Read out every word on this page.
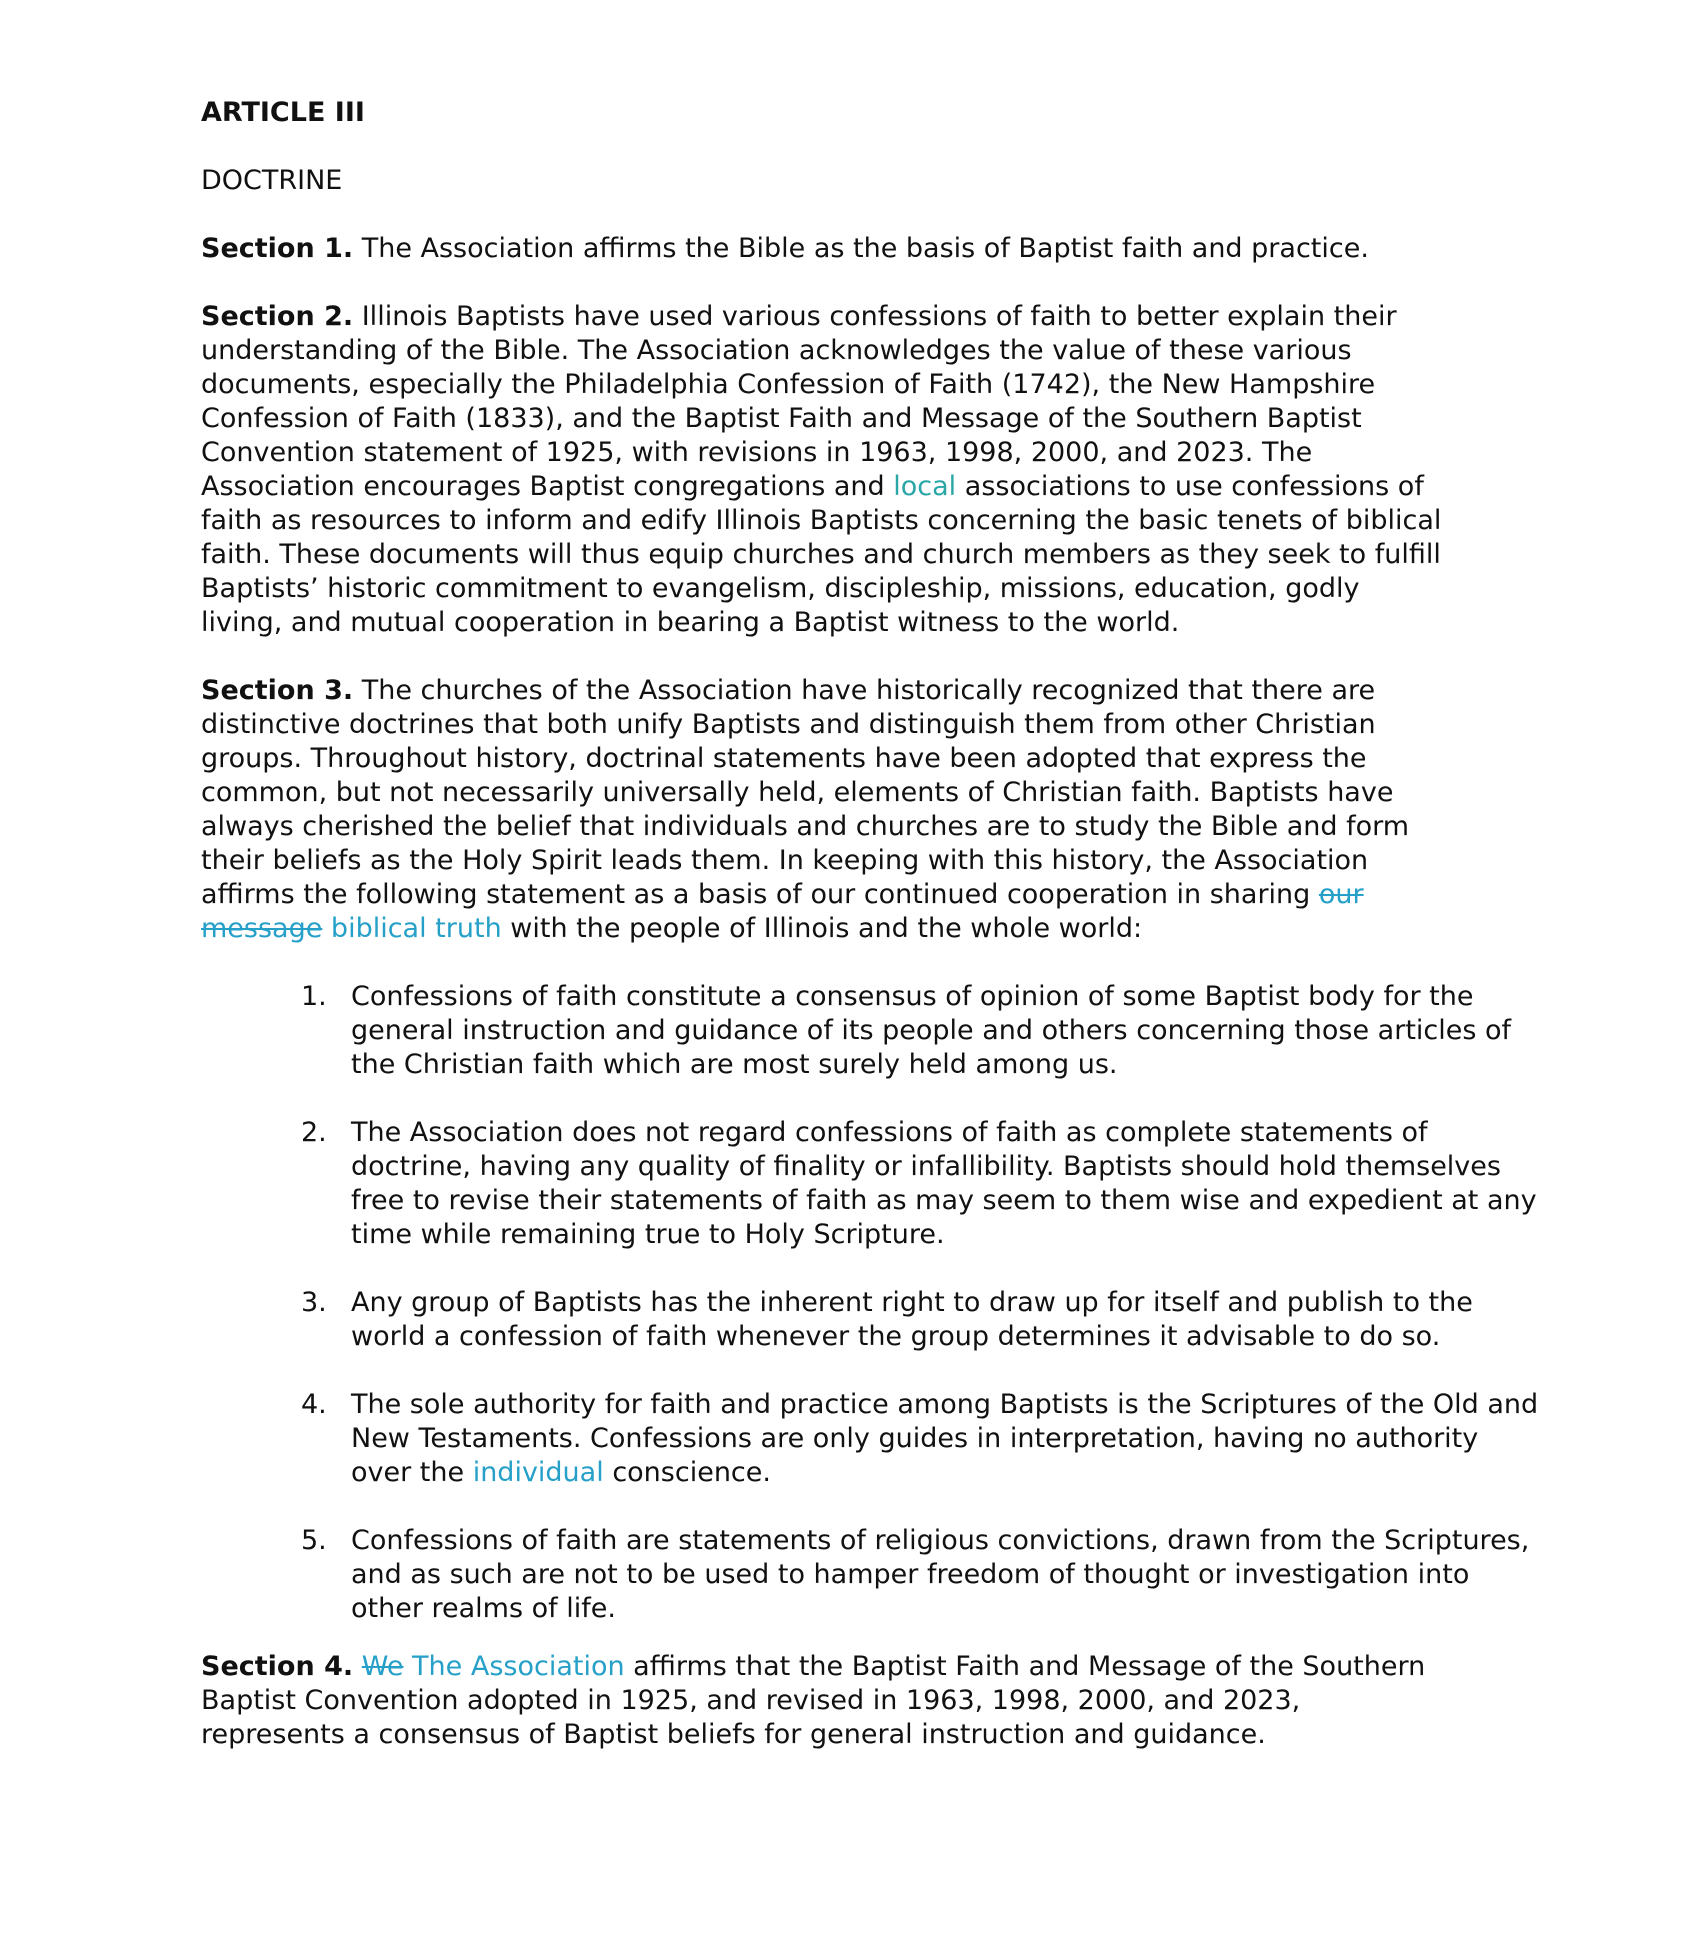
ARTICLE III
DOCTRINE

Section 1. The Association affirms the Bible as the basis of Baptist faith and practice.

Section 2. Illinois Baptists have used various confessions of faith to better explain their understanding of the Bible. The Association acknowledges the value of these various documents, especially the Philadelphia Confession of Faith (1742), the New Hampshire Confession of Faith (1833), and the Baptist Faith and Message of the Southern Baptist Convention statement of 1925, with revisions in 1963, 1998, 2000, and 2023. The Association encourages Baptist congregations and local associations to use confessions of faith as resources to inform and edify Illinois Baptists concerning the basic tenets of biblical faith. These documents will thus equip churches and church members as they seek to fulfill Baptists’ historic commitment to evangelism, discipleship, missions, education, godly living, and mutual cooperation in bearing a Baptist witness to the world.

Section 3. The churches of the Association have historically recognized that there are distinctive doctrines that both unify Baptists and distinguish them from other Christian groups. Throughout history, doctrinal statements have been adopted that express the common, but not necessarily universally held, elements of Christian faith. Baptists have always cherished the belief that individuals and churches are to study the Bible and form their beliefs as the Holy Spirit leads them. In keeping with this history, the Association affirms the following statement as a basis of our continued cooperation in sharing our message biblical truth with the people of Illinois and the whole world:

1. Confessions of faith constitute a consensus of opinion of some Baptist body for the general instruction and guidance of its people and others concerning those articles of the Christian faith which are most surely held among us.
2. The Association does not regard confessions of faith as complete statements of doctrine, having any quality of finality or infallibility. Baptists should hold themselves free to revise their statements of faith as may seem to them wise and expedient at any time while remaining true to Holy Scripture.
3. Any group of Baptists has the inherent right to draw up for itself and publish to the world a confession of faith whenever the group determines it advisable to do so.
4. The sole authority for faith and practice among Baptists is the Scriptures of the Old and New Testaments. Confessions are only guides in interpretation, having no authority over the individual conscience.
5. Confessions of faith are statements of religious convictions, drawn from the Scriptures, and as such are not to be used to hamper freedom of thought or investigation into other realms of life.

Section 4. We The Association affirms that the Baptist Faith and Message of the Southern Baptist Convention adopted in 1925, and revised in 1963, 1998, 2000, and 2023, represents a consensus of Baptist beliefs for general instruction and guidance.
